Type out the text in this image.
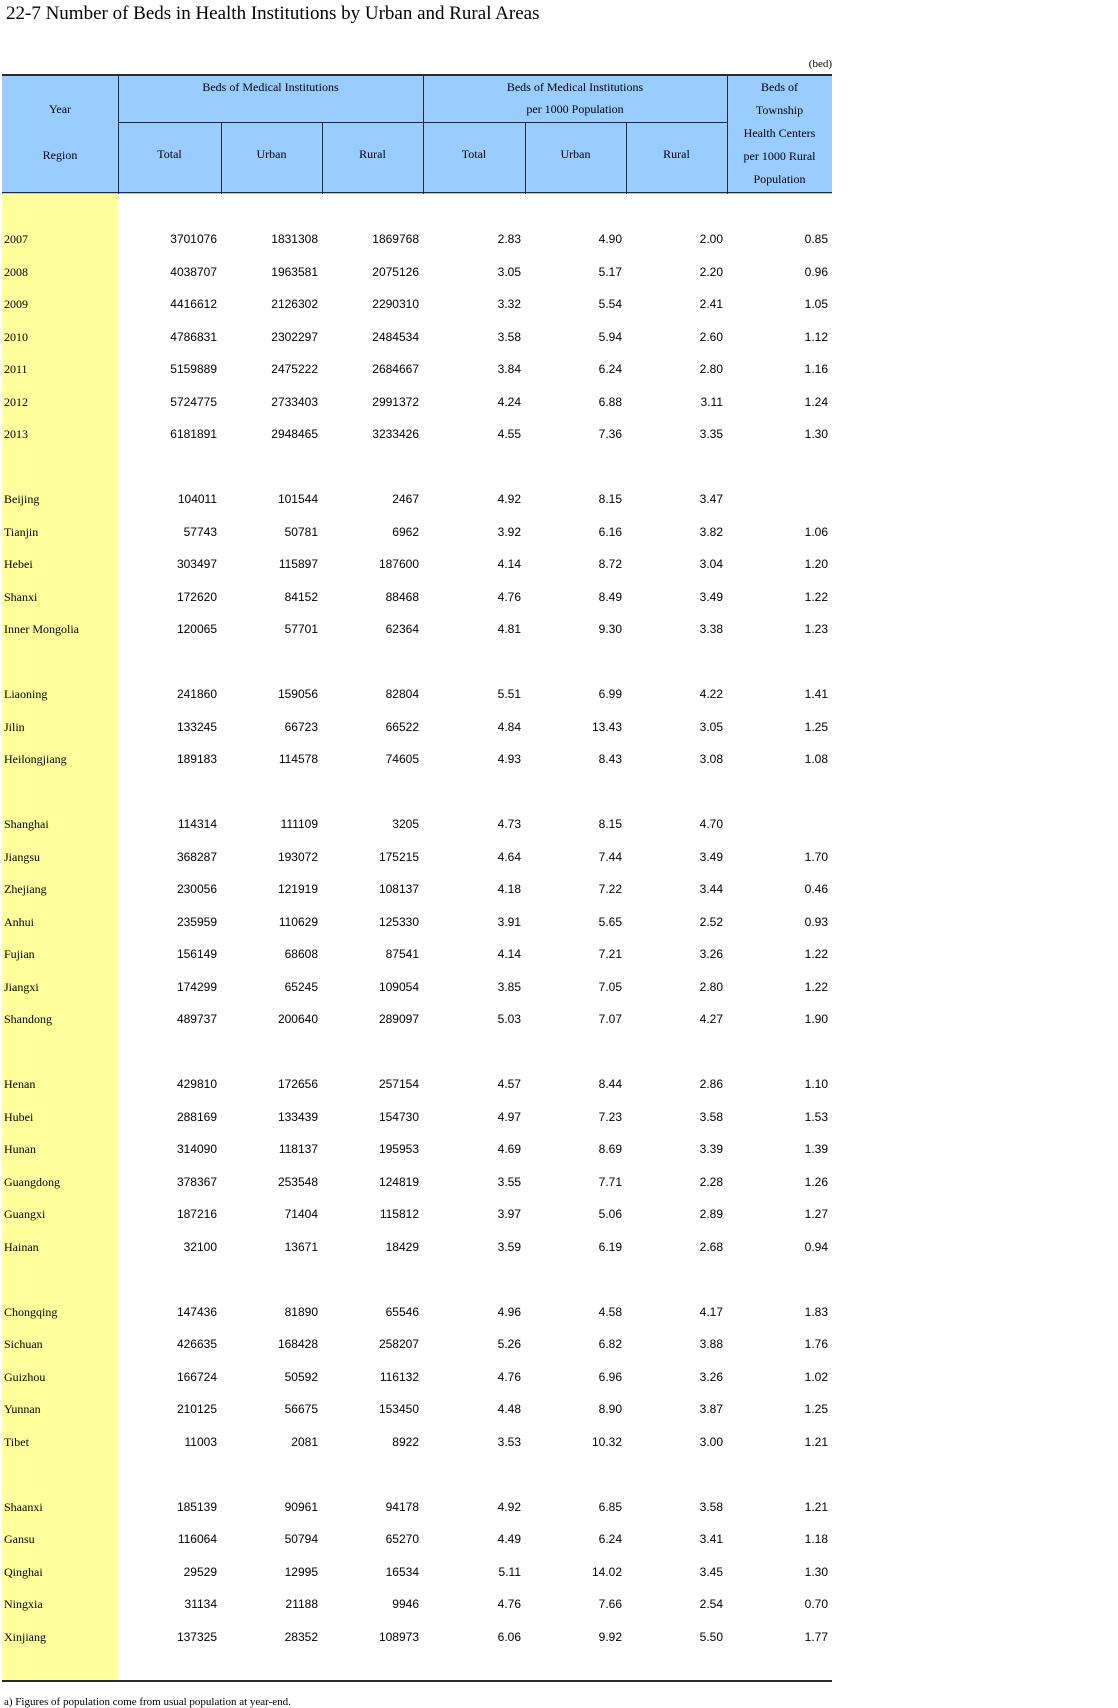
22-7 Number of Beds in Health Institutions by Urban and Rural Areas
(bed)
Year
Region
Beds of Medical Institutions	Beds of Medical Institutions
per 1000 Population
Beds of
Township
Health Centers
per 1000 Rural
Population
Total	Urban	Rural	Total	Urban	Rural
2007	3701076	1831308	1869768	2.83	4.90	2.00	0.85
2008	4038707	1963581	2075126	3.05	5.17	2.20	0.96
2009	4416612	2126302	2290310	3.32	5.54	2.41	1.05
2010	4786831	2302297	2484534	3.58	5.94	2.60	1.12
2011	5159889	2475222	2684667	3.84	6.24	2.80	1.16
2012	5724775	2733403	2991372	4.24	6.88	3.11	1.24
2013	6181891	2948465	3233426	4.55	7.36	3.35	1.30
Beijing	104011	101544	2467	4.92	8.15	3.47
Tianjin	57743	50781	6962	3.92	6.16	3.82	1.06
Hebei	303497	115897	187600	4.14	8.72	3.04	1.20
Shanxi	172620	84152	88468	4.76	8.49	3.49	1.22
Inner Mongolia	120065	57701	62364	4.81	9.30	3.38	1.23
Liaoning	241860	159056	82804	5.51	6.99	4.22	1.41
Jilin	133245	66723	66522	4.84	13.43	3.05	1.25
Heilongjiang	189183	114578	74605	4.93	8.43	3.08	1.08
Shanghai	114314	111109	3205	4.73	8.15	4.70
Jiangsu	368287	193072	175215	4.64	7.44	3.49	1.70
Zhejiang	230056	121919	108137	4.18	7.22	3.44	0.46
Anhui	235959	110629	125330	3.91	5.65	2.52	0.93
Fujian	156149	68608	87541	4.14	7.21	3.26	1.22
Jiangxi	174299	65245	109054	3.85	7.05	2.80	1.22
Shandong	489737	200640	289097	5.03	7.07	4.27	1.90
Henan	429810	172656	257154	4.57	8.44	2.86	1.10
Hubei	288169	133439	154730	4.97	7.23	3.58	1.53
Hunan	314090	118137	195953	4.69	8.69	3.39	1.39
Guangdong	378367	253548	124819	3.55	7.71	2.28	1.26
Guangxi	187216	71404	115812	3.97	5.06	2.89	1.27
Hainan	32100	13671	18429	3.59	6.19	2.68	0.94
Chongqing	147436	81890	65546	4.96	4.58	4.17	1.83
Sichuan	426635	168428	258207	5.26	6.82	3.88	1.76
Guizhou	166724	50592	116132	4.76	6.96	3.26	1.02
Yunnan	210125	56675	153450	4.48	8.90	3.87	1.25
Tibet	11003	2081	8922	3.53	10.32	3.00	1.21
Shaanxi	185139	90961	94178	4.92	6.85	3.58	1.21
Gansu	116064	50794	65270	4.49	6.24	3.41	1.18
Qinghai	29529	12995	16534	5.11	14.02	3.45	1.30
Ningxia	31134	21188	9946	4.76	7.66	2.54	0.70
Xinjiang	137325	28352	108973	6.06	9.92	5.50	1.77
a) Figures of population come from usual population at year-end.
